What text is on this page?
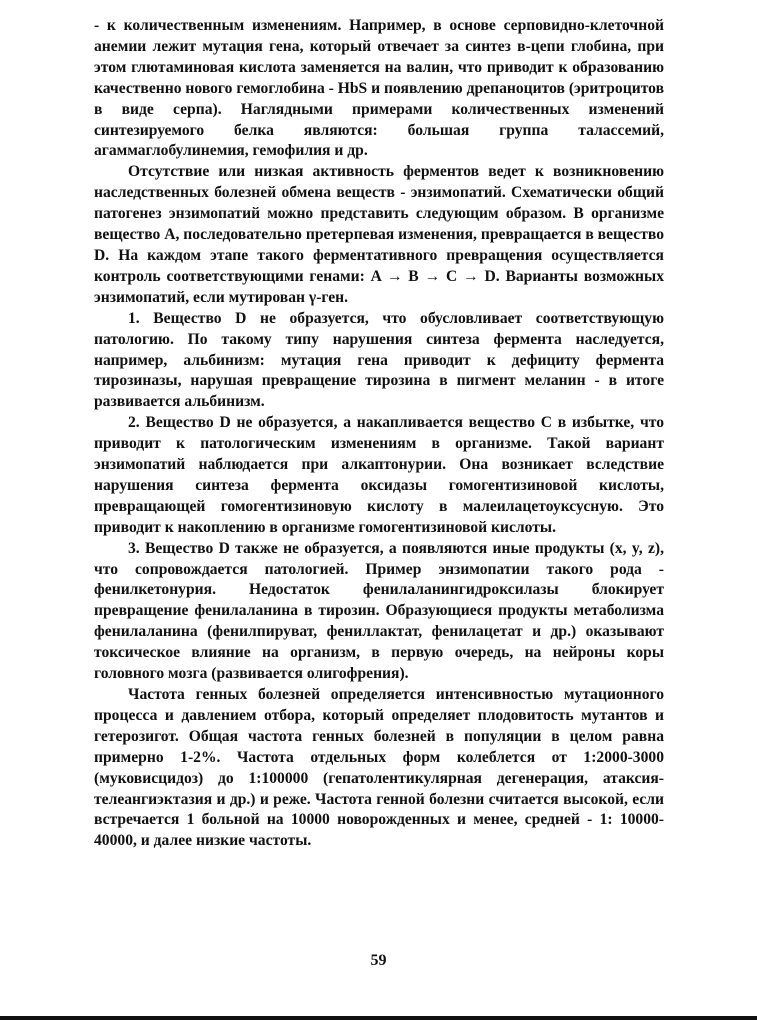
- к количественным изменениям. Например, в основе серповидно-клеточной анемии лежит мутация гена, который отвечает за синтез в-цепи глобина, при этом глютаминовая кислота заменяется на валин, что приводит к образованию качественно нового гемоглобина - HbS и появлению дрепаноцитов (эритроцитов в виде серпа). Наглядными примерами количественных изменений синтезируемого белка являются: большая группа талассемий, агаммаглобулинемия, гемофилия и др.

Отсутствие или низкая активность ферментов ведет к возникновению наследственных болезней обмена веществ - энзимопатий. Схематически общий патогенез энзимопатий можно представить следующим образом. В организме вещество А, последовательно претерпевая изменения, превращается в вещество D. На каждом этапе такого ферментативного превращения осуществляется контроль соответствующими генами: A → B → C → D. Варианты возможных энзимопатий, если мутирован γ-ген.

1. Вещество D не образуется, что обусловливает соответствующую патологию. По такому типу нарушения синтеза фермента наследуется, например, альбинизм: мутация гена приводит к дефициту фермента тирозиназы, нарушая превращение тирозина в пигмент меланин - в итоге развивается альбинизм.

2. Вещество D не образуется, а накапливается вещество C в избытке, что приводит к патологическим изменениям в организме. Такой вариант энзимопатий наблюдается при алкаптонурии. Она возникает вследствие нарушения синтеза фермента оксидазы гомогентизиновой кислоты, превращающей гомогентизиновую кислоту в малеилацетоуксусную. Это приводит к накоплению в организме гомогентизиновой кислоты.

3. Вещество D также не образуется, а появляются иные продукты (x, y, z), что сопровождается патологией. Пример энзимопатии такого рода - фенилкетонурия. Недостаток фенилаланингидроксилазы блокирует превращение фенилаланина в тирозин. Образующиеся продукты метаболизма фенилаланина (фенилпируват, фениллактат, фенилацетат и др.) оказывают токсическое влияние на организм, в первую очередь, на нейроны коры головного мозга (развивается олигофрения).

Частота генных болезней определяется интенсивностью мутационного процесса и давлением отбора, который определяет плодовитость мутантов и гетерозигот. Общая частота генных болезней в популяции в целом равна примерно 1-2%. Частота отдельных форм колеблется от 1:2000-3000 (муковисцидоз) до 1:100000 (гепатолентикулярная дегенерация, атаксия-телеангиэктазия и др.) и реже. Частота генной болезни считается высокой, если встречается 1 больной на 10000 новорожденных и менее, средней - 1: 10000-40000, и далее низкие частоты.

59
